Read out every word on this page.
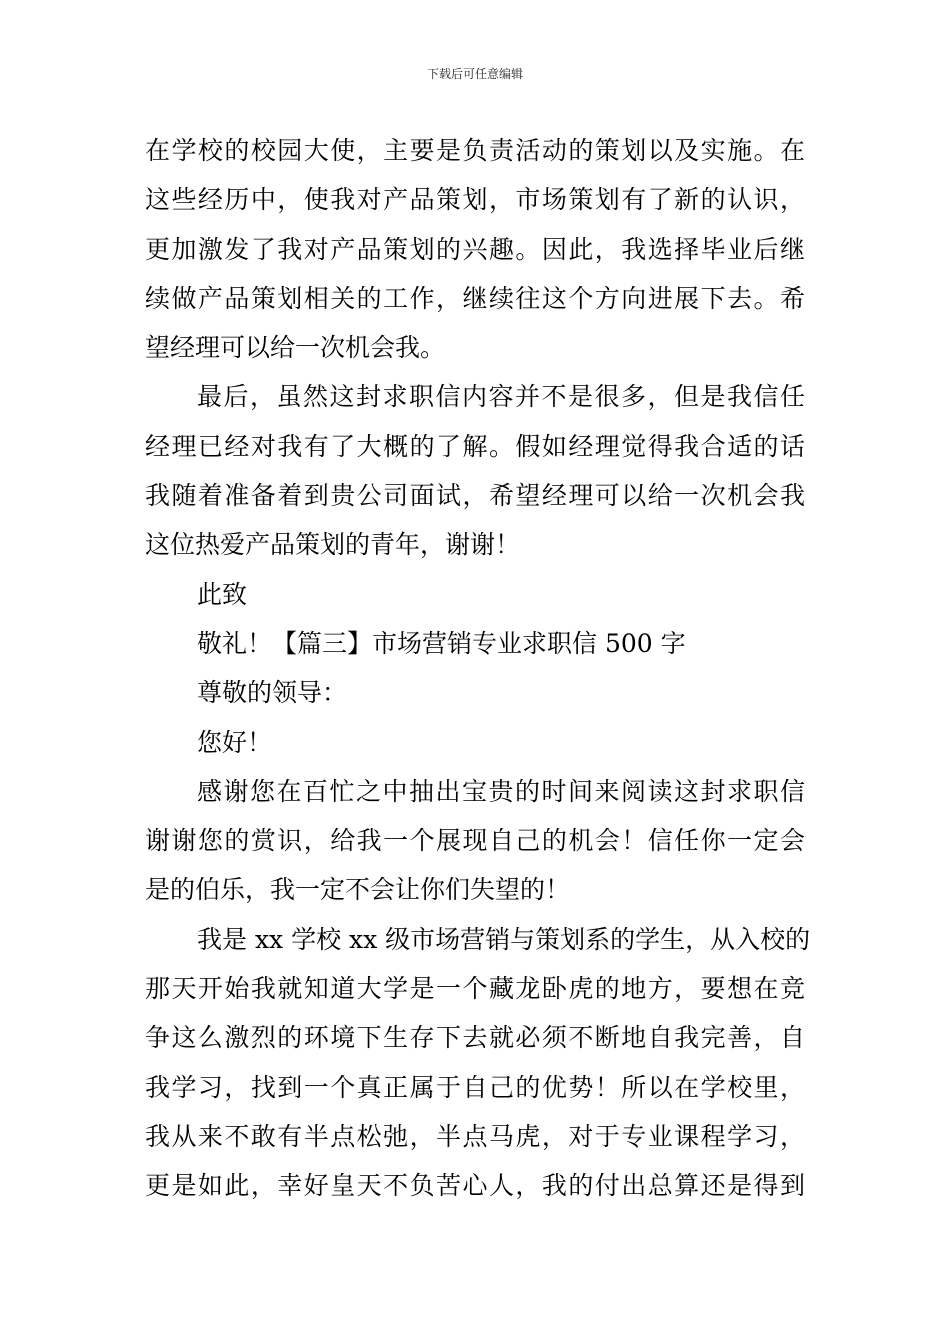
下载后可任意编辑
在学校的校园大使，主要是负责活动的策划以及实施。在
这些经历中，使我对产品策划，市场策划有了新的认识，
更加激发了我对产品策划的兴趣。因此，我选择毕业后继
续做产品策划相关的工作，继续往这个方向进展下去。希
望经理可以给一次机会我。
最后，虽然这封求职信内容并不是很多，但是我信任
经理已经对我有了大概的了解。假如经理觉得我合适的话
我随着准备着到贵公司面试，希望经理可以给一次机会我
这位热爱产品策划的青年，谢谢！
此致
敬礼！【篇三】市场营销专业求职信 500 字
尊敬的领导：
您好！
感谢您在百忙之中抽出宝贵的时间来阅读这封求职信
谢谢您的赏识，给我一个展现自己的机会！信任你一定会
是的伯乐，我一定不会让你们失望的！
我是 xx 学校 xx 级市场营销与策划系的学生，从入校的
那天开始我就知道大学是一个藏龙卧虎的地方，要想在竞
争这么激烈的环境下生存下去就必须不断地自我完善，自
我学习，找到一个真正属于自己的优势！所以在学校里，
我从来不敢有半点松弛，半点马虎，对于专业课程学习，
更是如此，幸好皇天不负苦心人，我的付出总算还是得到
